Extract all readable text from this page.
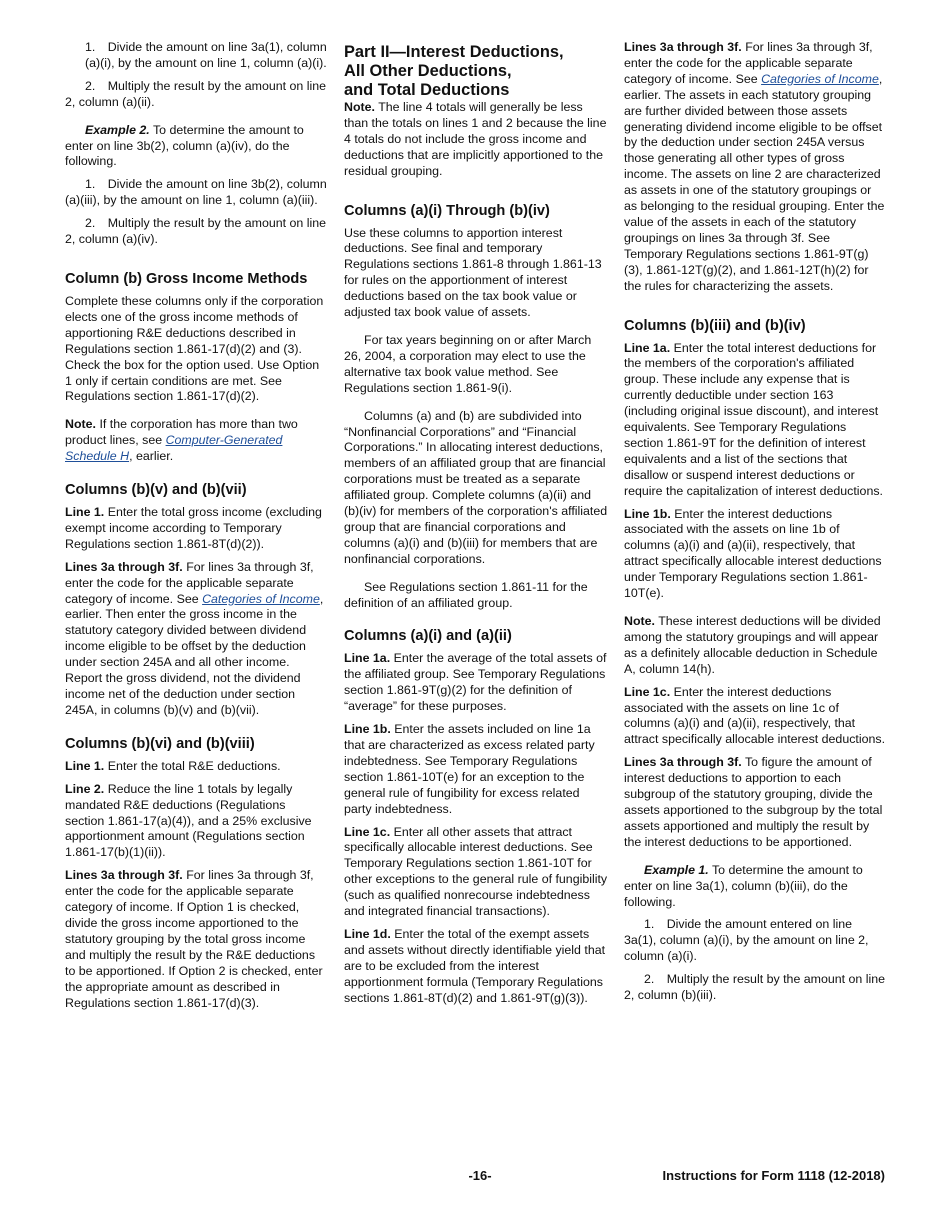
1. Divide the amount on line 3a(1), column (a)(i), by the amount on line 1, column (a)(i).

2. Multiply the result by the amount on line 2, column (a)(ii).

Example 2. To determine the amount to enter on line 3b(2), column (a)(iv), do the following.

1. Divide the amount on line 3b(2), column (a)(iii), by the amount on line 1, column (a)(iii).

2. Multiply the result by the amount on line 2, column (a)(iv).

Column (b) Gross Income Methods

Complete these columns only if the corporation elects one of the gross income methods of apportioning R&E deductions described in Regulations section 1.861-17(d)(2) and (3). Check the box for the option used. Use Option 1 only if certain conditions are met. See Regulations section 1.861-17(d)(2).

Note. If the corporation has more than two product lines, see Computer-Generated Schedule H, earlier.

Columns (b)(v) and (b)(vii)

Line 1. Enter the total gross income (excluding exempt income according to Temporary Regulations section 1.861-8T(d)(2)).

Lines 3a through 3f. For lines 3a through 3f, enter the code for the applicable separate category of income. See Categories of Income, earlier. Then enter the gross income in the statutory category divided between dividend income eligible to be offset by the deduction under section 245A and all other income. Report the gross dividend, not the dividend income net of the deduction under section 245A, in columns (b)(v) and (b)(vii).

Columns (b)(vi) and (b)(viii)

Line 1. Enter the total R&E deductions.

Line 2. Reduce the line 1 totals by legally mandated R&E deductions (Regulations section 1.861-17(a)(4)), and a 25% exclusive apportionment amount (Regulations section 1.861-17(b)(1)(ii)).

Lines 3a through 3f. For lines 3a through 3f, enter the code for the applicable separate category of income. If Option 1 is checked, divide the gross income apportioned to the statutory grouping by the total gross income and multiply the result by the R&E deductions to be apportioned. If Option 2 is checked, enter the appropriate amount as described in Regulations section 1.861-17(d)(3).

Part II—Interest Deductions,
All Other Deductions,
and Total Deductions

Note. The line 4 totals will generally be less than the totals on lines 1 and 2 because the line 4 totals do not include the gross income and deductions that are implicitly apportioned to the residual grouping.

Columns (a)(i) Through (b)(iv)

Use these columns to apportion interest deductions. See final and temporary Regulations sections 1.861-8 through 1.861-13 for rules on the apportionment of interest deductions based on the tax book value or adjusted tax book value of assets.

For tax years beginning on or after March 26, 2004, a corporation may elect to use the alternative tax book value method. See Regulations section 1.861-9(i).

Columns (a) and (b) are subdivided into “Nonfinancial Corporations” and “Financial Corporations.” In allocating interest deductions, members of an affiliated group that are financial corporations must be treated as a separate affiliated group. Complete columns (a)(ii) and (b)(iv) for members of the corporation's affiliated group that are financial corporations and columns (a)(i) and (b)(iii) for members that are nonfinancial corporations.

See Regulations section 1.861-11 for the definition of an affiliated group.

Columns (a)(i) and (a)(ii)

Line 1a. Enter the average of the total assets of the affiliated group. See Temporary Regulations section 1.861-9T(g)(2) for the definition of “average” for these purposes.

Line 1b. Enter the assets included on line 1a that are characterized as excess related party indebtedness. See Temporary Regulations section 1.861-10T(e) for an exception to the general rule of fungibility for excess related party indebtedness.

Line 1c. Enter all other assets that attract specifically allocable interest deductions. See Temporary Regulations section 1.861-10T for other exceptions to the general rule of fungibility (such as qualified nonrecourse indebtedness and integrated financial transactions).

Line 1d. Enter the total of the exempt assets and assets without directly identifiable yield that are to be excluded from the interest apportionment formula (Temporary Regulations sections 1.861-8T(d)(2) and 1.861-9T(g)(3)).

Lines 3a through 3f. For lines 3a through 3f, enter the code for the applicable separate category of income. See Categories of Income, earlier. The assets in each statutory grouping are further divided between those assets generating dividend income eligible to be offset by the deduction under section 245A versus those generating all other types of gross income. The assets on line 2 are characterized as assets in one of the statutory groupings or as belonging to the residual grouping. Enter the value of the assets in each of the statutory groupings on lines 3a through 3f. See Temporary Regulations sections 1.861-9T(g)(3), 1.861-12T(g)(2), and 1.861-12T(h)(2) for the rules for characterizing the assets.

Columns (b)(iii) and (b)(iv)

Line 1a. Enter the total interest deductions for the members of the corporation's affiliated group. These include any expense that is currently deductible under section 163 (including original issue discount), and interest equivalents. See Temporary Regulations section 1.861-9T for the definition of interest equivalents and a list of the sections that disallow or suspend interest deductions or require the capitalization of interest deductions.

Line 1b. Enter the interest deductions associated with the assets on line 1b of columns (a)(i) and (a)(ii), respectively, that attract specifically allocable interest deductions under Temporary Regulations section 1.861-10T(e).

Note. These interest deductions will be divided among the statutory groupings and will appear as a definitely allocable deduction in Schedule A, column 14(h).

Line 1c. Enter the interest deductions associated with the assets on line 1c of columns (a)(i) and (a)(ii), respectively, that attract specifically allocable interest deductions.

Lines 3a through 3f. To figure the amount of interest deductions to apportion to each subgroup of the statutory grouping, divide the assets apportioned to the subgroup by the total assets apportioned and multiply the result by the interest deductions to be apportioned.

Example 1. To determine the amount to enter on line 3a(1), column (b)(iii), do the following.

1. Divide the amount entered on line 3a(1), column (a)(i), by the amount on line 2, column (a)(i).

2. Multiply the result by the amount on line 2, column (b)(iii).

-16-	Instructions for Form 1118 (12-2018)
